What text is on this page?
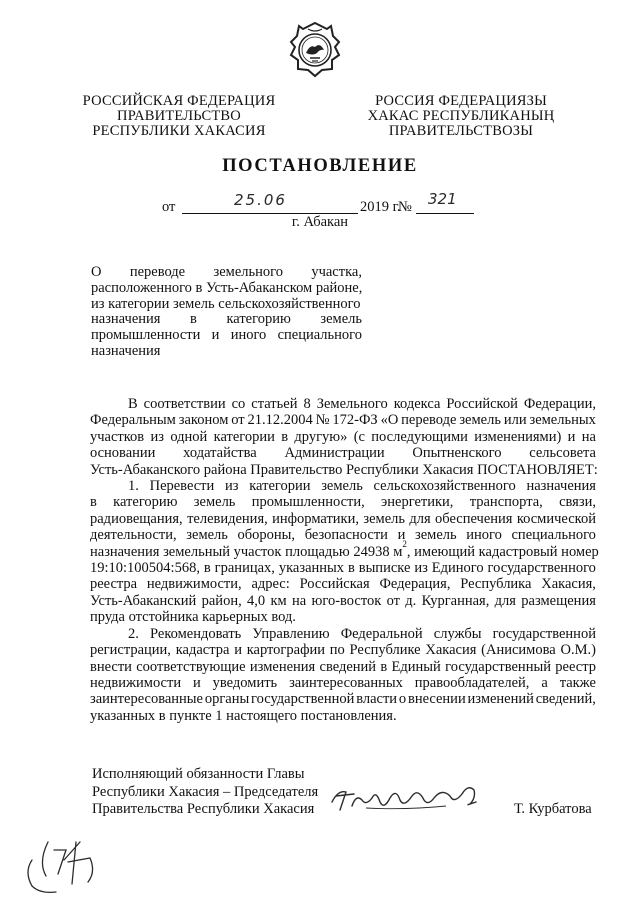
РОССИЙСКАЯ ФЕДЕРАЦИЯ
ПРАВИТЕЛЬСТВО
РЕСПУБЛИКИ ХАКАСИЯ
РОССИЯ ФЕДЕРАЦИЯЗЫ
ХАКАС РЕСПУБЛИКАНЫҢ
ПРАВИТЕЛЬСТВОЗЫ
ПОСТАНОВЛЕНИЕ
от	25.06	2019 г.
№ 321
г. Абакан
О переводе земельного участка,
расположенного в Усть-Абаканском районе,
из категории земель сельскохозяйственного
назначения в категорию земель
промышленности и иного специального
назначения
В соответствии со статьей 8 Земельного кодекса Российской Федерации,
Федеральным законом от 21.12.2004 № 172-ФЗ «О переводе земель или земельных
участков из одной категории в другую» (с последующими изменениями) и на
основании ходатайства Администрации Опытненского сельсовета
Усть-Абаканского района Правительство Республики Хакасия ПОСТАНОВЛЯЕТ:
1. Перевести из категории земель сельскохозяйственного назначения
в категорию земель промышленности, энергетики, транспорта, связи,
радиовещания, телевидения, информатики, земель для обеспечения космической
деятельности, земель обороны, безопасности и земель иного специального
назначения земельный участок площадью 24938 м 2 , имеющий кадастровый номер
19:10:100504:568, в границах, указанных в выписке из Единого государственного
реестра недвижимости, адрес: Российская Федерация, Республика Хакасия,
Усть-Абаканский район, 4,0 км на юго-восток от д. Курганная, для размещения
пруда отстойника карьерных вод.
2. Рекомендовать Управлению Федеральной службы государственной
регистрации, кадастра и картографии по Республике Хакасия (Анисимова О.М.)
внести соответствующие изменения сведений в Единый государственный реестр
недвижимости и уведомить заинтересованных правообладателей, а также
заинтересованные органы государственной власти о внесении изменений сведений,
указанных в пункте 1 настоящего постановления.
Исполняющий обязанности Главы
Республики Хакасия – Председателя
Правительства Республики Хакасия	Т. Курбатова
